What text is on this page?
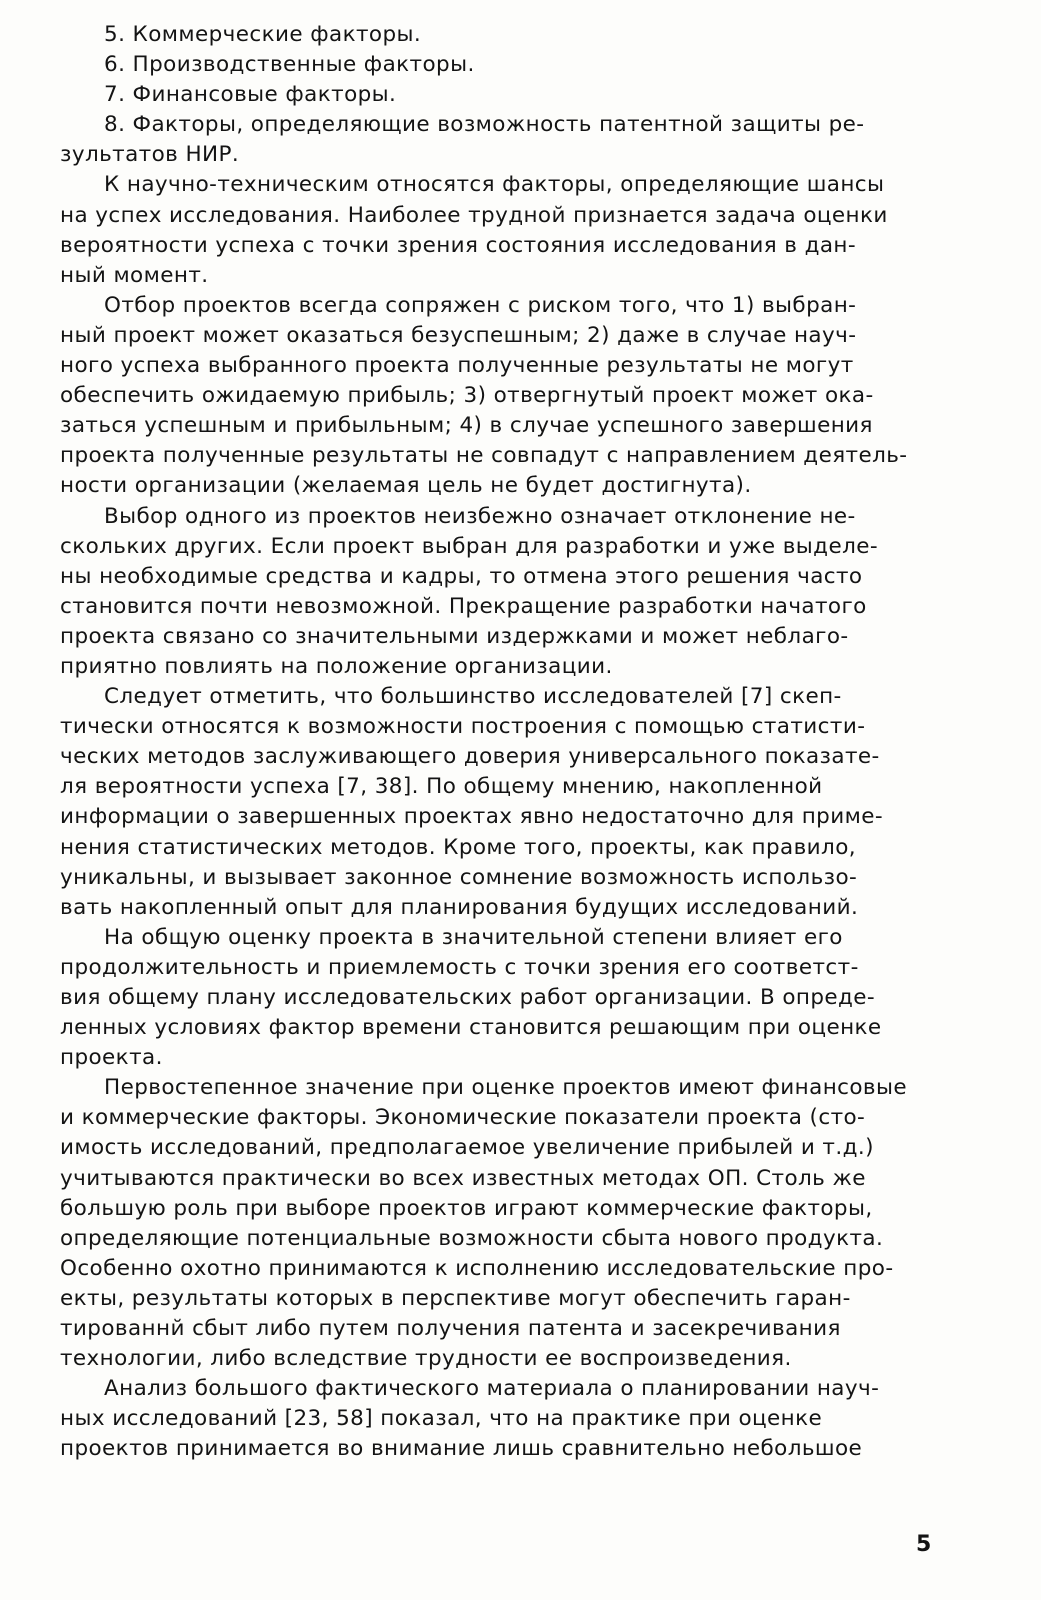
5. Коммерческие факторы.
6. Производственные факторы.
7. Финансовые факторы.
8. Факторы, определяющие возможность патентной защиты ре-
зультатов НИР.
К научно-техническим относятся факторы, определяющие шансы
на успех исследования. Наиболее трудной признается задача оценки
вероятности успеха с точки зрения состояния исследования в дан-
ный момент.
Отбор проектов всегда сопряжен с риском того, что 1) выбран-
ный проект может оказаться безуспешным; 2) даже в случае науч-
ного успеха выбранного проекта полученные результаты не могут
обеспечить ожидаемую прибыль; 3) отвергнутый проект может ока-
заться успешным и прибыльным; 4) в случае успешного завершения
проекта полученные результаты не совпадут с направлением деятель-
ности организации (желаемая цель не будет достигнута).
Выбор одного из проектов неизбежно означает отклонение не-
скольких других. Если проект выбран для разработки и уже выделе-
ны необходимые средства и кадры, то отмена этого решения часто
становится почти невозможной. Прекращение разработки начатого
проекта связано со значительными издержками и может неблаго-
приятно повлиять на положение организации.
Следует отметить, что большинство исследователей [7] скеп-
тически относятся к возможности построения с помощью статисти-
ческих методов заслуживающего доверия универсального показате-
ля вероятности успеха [7, 38]. По общему мнению, накопленной
информации о завершенных проектах явно недостаточно для приме-
нения статистических методов. Кроме того, проекты, как правило,
уникальны, и вызывает законное сомнение возможность использо-
вать накопленный опыт для планирования будущих исследований.
На общую оценку проекта в значительной степени влияет его
продолжительность и приемлемость с точки зрения его соответст-
вия общему плану исследовательских работ организации. В опреде-
ленных условиях фактор времени становится решающим при оценке
проекта.
Первостепенное значение при оценке проектов имеют финансовые
и коммерческие факторы. Экономические показатели проекта (сто-
имость исследований, предполагаемое увеличение прибылей и т.д.)
учитываются практически во всех известных методах ОП. Столь же
большую роль при выборе проектов играют коммерческие факторы,
определяющие потенциальные возможности сбыта нового продукта.
Особенно охотно принимаются к исполнению исследовательские про-
екты, результаты которых в перспективе могут обеспечить гаран-
тированнй сбыт либо путем получения патента и засекречивания
технологии, либо вследствие трудности ее воспроизведения.
Анализ большого фактического материала о планировании науч-
ных исследований [23, 58] показал, что на практике при оценке
проектов принимается во внимание лишь сравнительно небольшое
5
